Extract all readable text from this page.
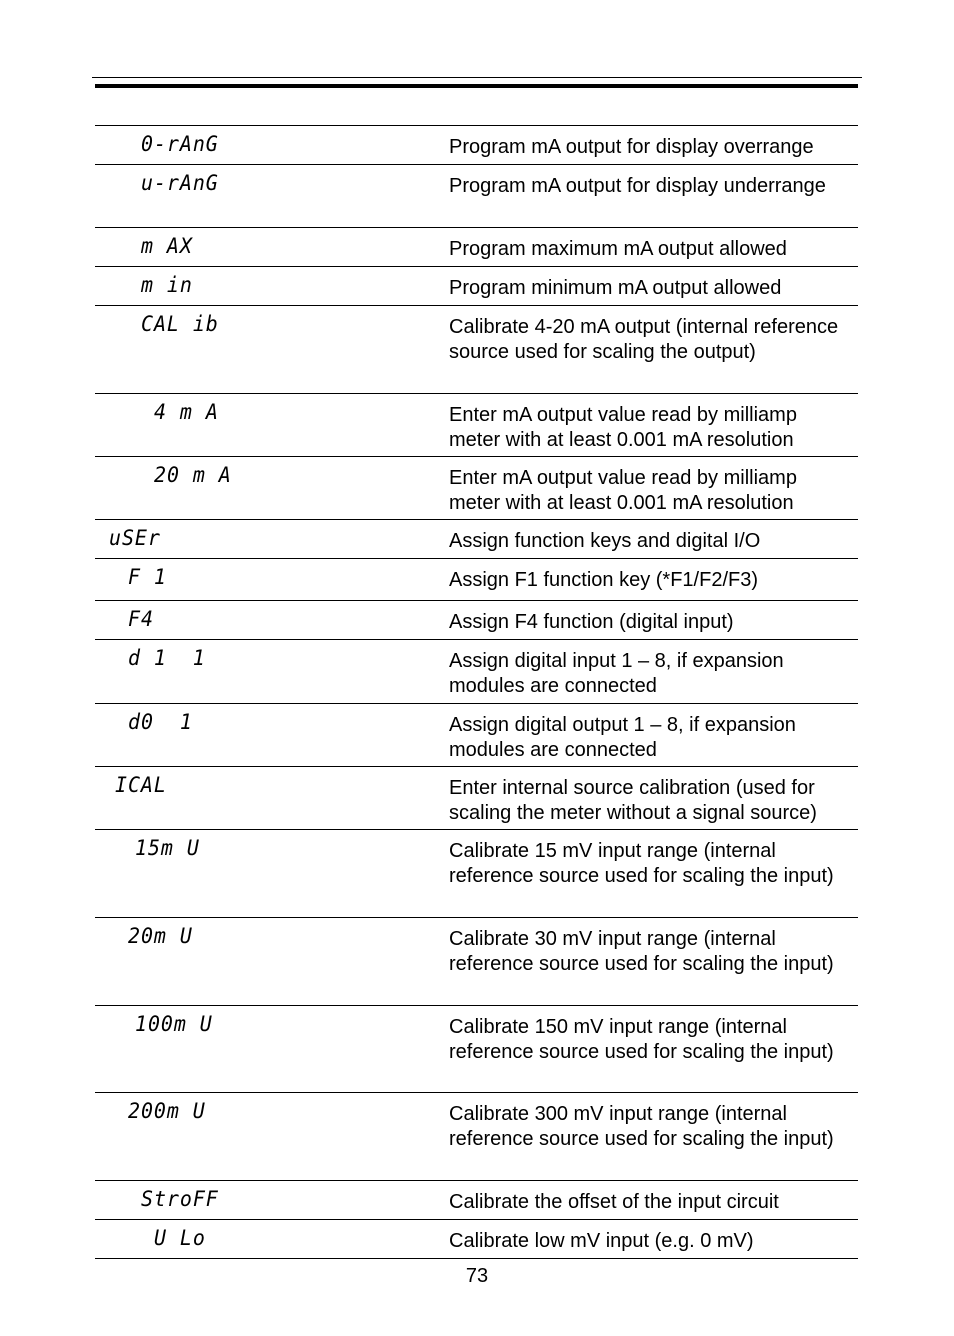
0-rAnG	Program mA output for display overrange
u-rAnG	Program mA output for display underrange
m AX	Program maximum mA output allowed
m in	Program minimum mA output allowed
CAL ib	Calibrate 4-20 mA output (internal reference source used for scaling the output)
4 m A	Enter mA output value read by milliamp meter with at least 0.001 mA resolution
20 m A	Enter mA output value read by milliamp meter with at least 0.001 mA resolution
uSEr	Assign function keys and digital I/O
F 1	Assign F1 function key (*F1/F2/F3)
F4	Assign F4 function (digital input)
d 1  1	Assign digital input 1 – 8, if expansion modules are connected
d0  1	Assign digital output 1 – 8, if expansion modules are connected
ICAL	Enter internal source calibration (used for scaling the meter without a signal source)
15m U	Calibrate 15 mV input range (internal reference source used for scaling the input)
20m U	Calibrate 30 mV input range (internal reference source used for scaling the input)
100m U	Calibrate 150 mV input range (internal reference source used for scaling the input)
200m U	Calibrate 300 mV input range (internal reference source used for scaling the input)
StroFF	Calibrate the offset of the input circuit
U Lo	Calibrate low mV input (e.g. 0 mV)
73
